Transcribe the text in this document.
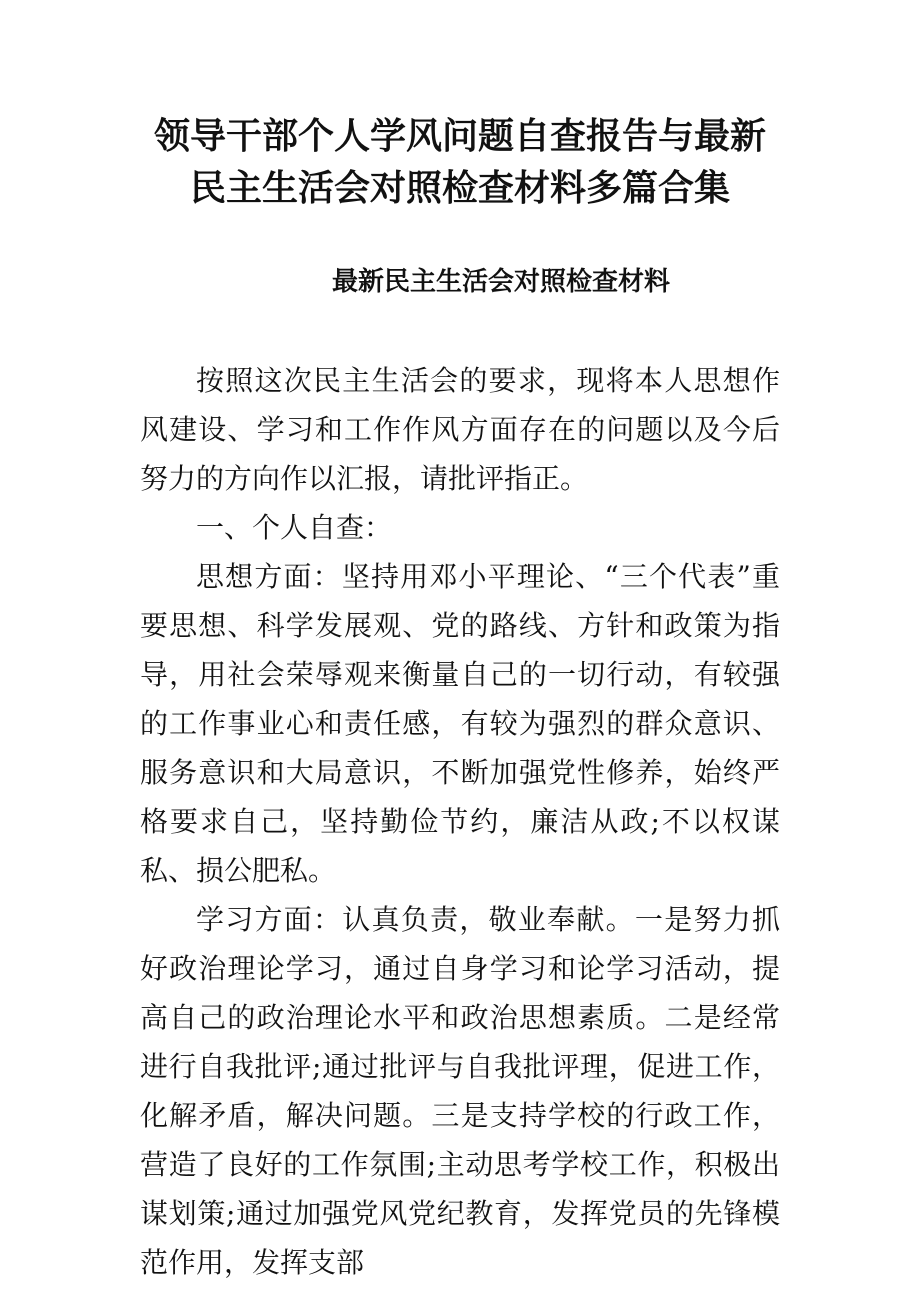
领导干部个人学风问题自查报告与最新民主生活会对照检查材料多篇合集
最新民主生活会对照检查材料

按照这次民主生活会的要求，现将本人思想作风建设、学习和工作作风方面存在的问题以及今后努力的方向作以汇报，请批评指正。

一、个人自查：

思想方面：坚持用邓小平理论、“三个代表”重要思想、科学发展观、党的路线、方针和政策为指导，用社会荣辱观来衡量自己的一切行动，有较强的工作事业心和责任感，有较为强烈的群众意识、服务意识和大局意识，不断加强党性修养，始终严格要求自己，坚持勤俭节约，廉洁从政;不以权谋私、损公肥私。

学习方面：认真负责，敬业奉献。一是努力抓好政治理论学习，通过自身学习和论学习活动，提高自己的政治理论水平和政治思想素质。二是经常进行自我批评;通过批评与自我批评理，促进工作，化解矛盾，解决问题。三是支持学校的行政工作，营造了良好的工作氛围;主动思考学校工作，积极出谋划策;通过加强党风党纪教育，发挥党员的先锋模范作用，发挥支部
